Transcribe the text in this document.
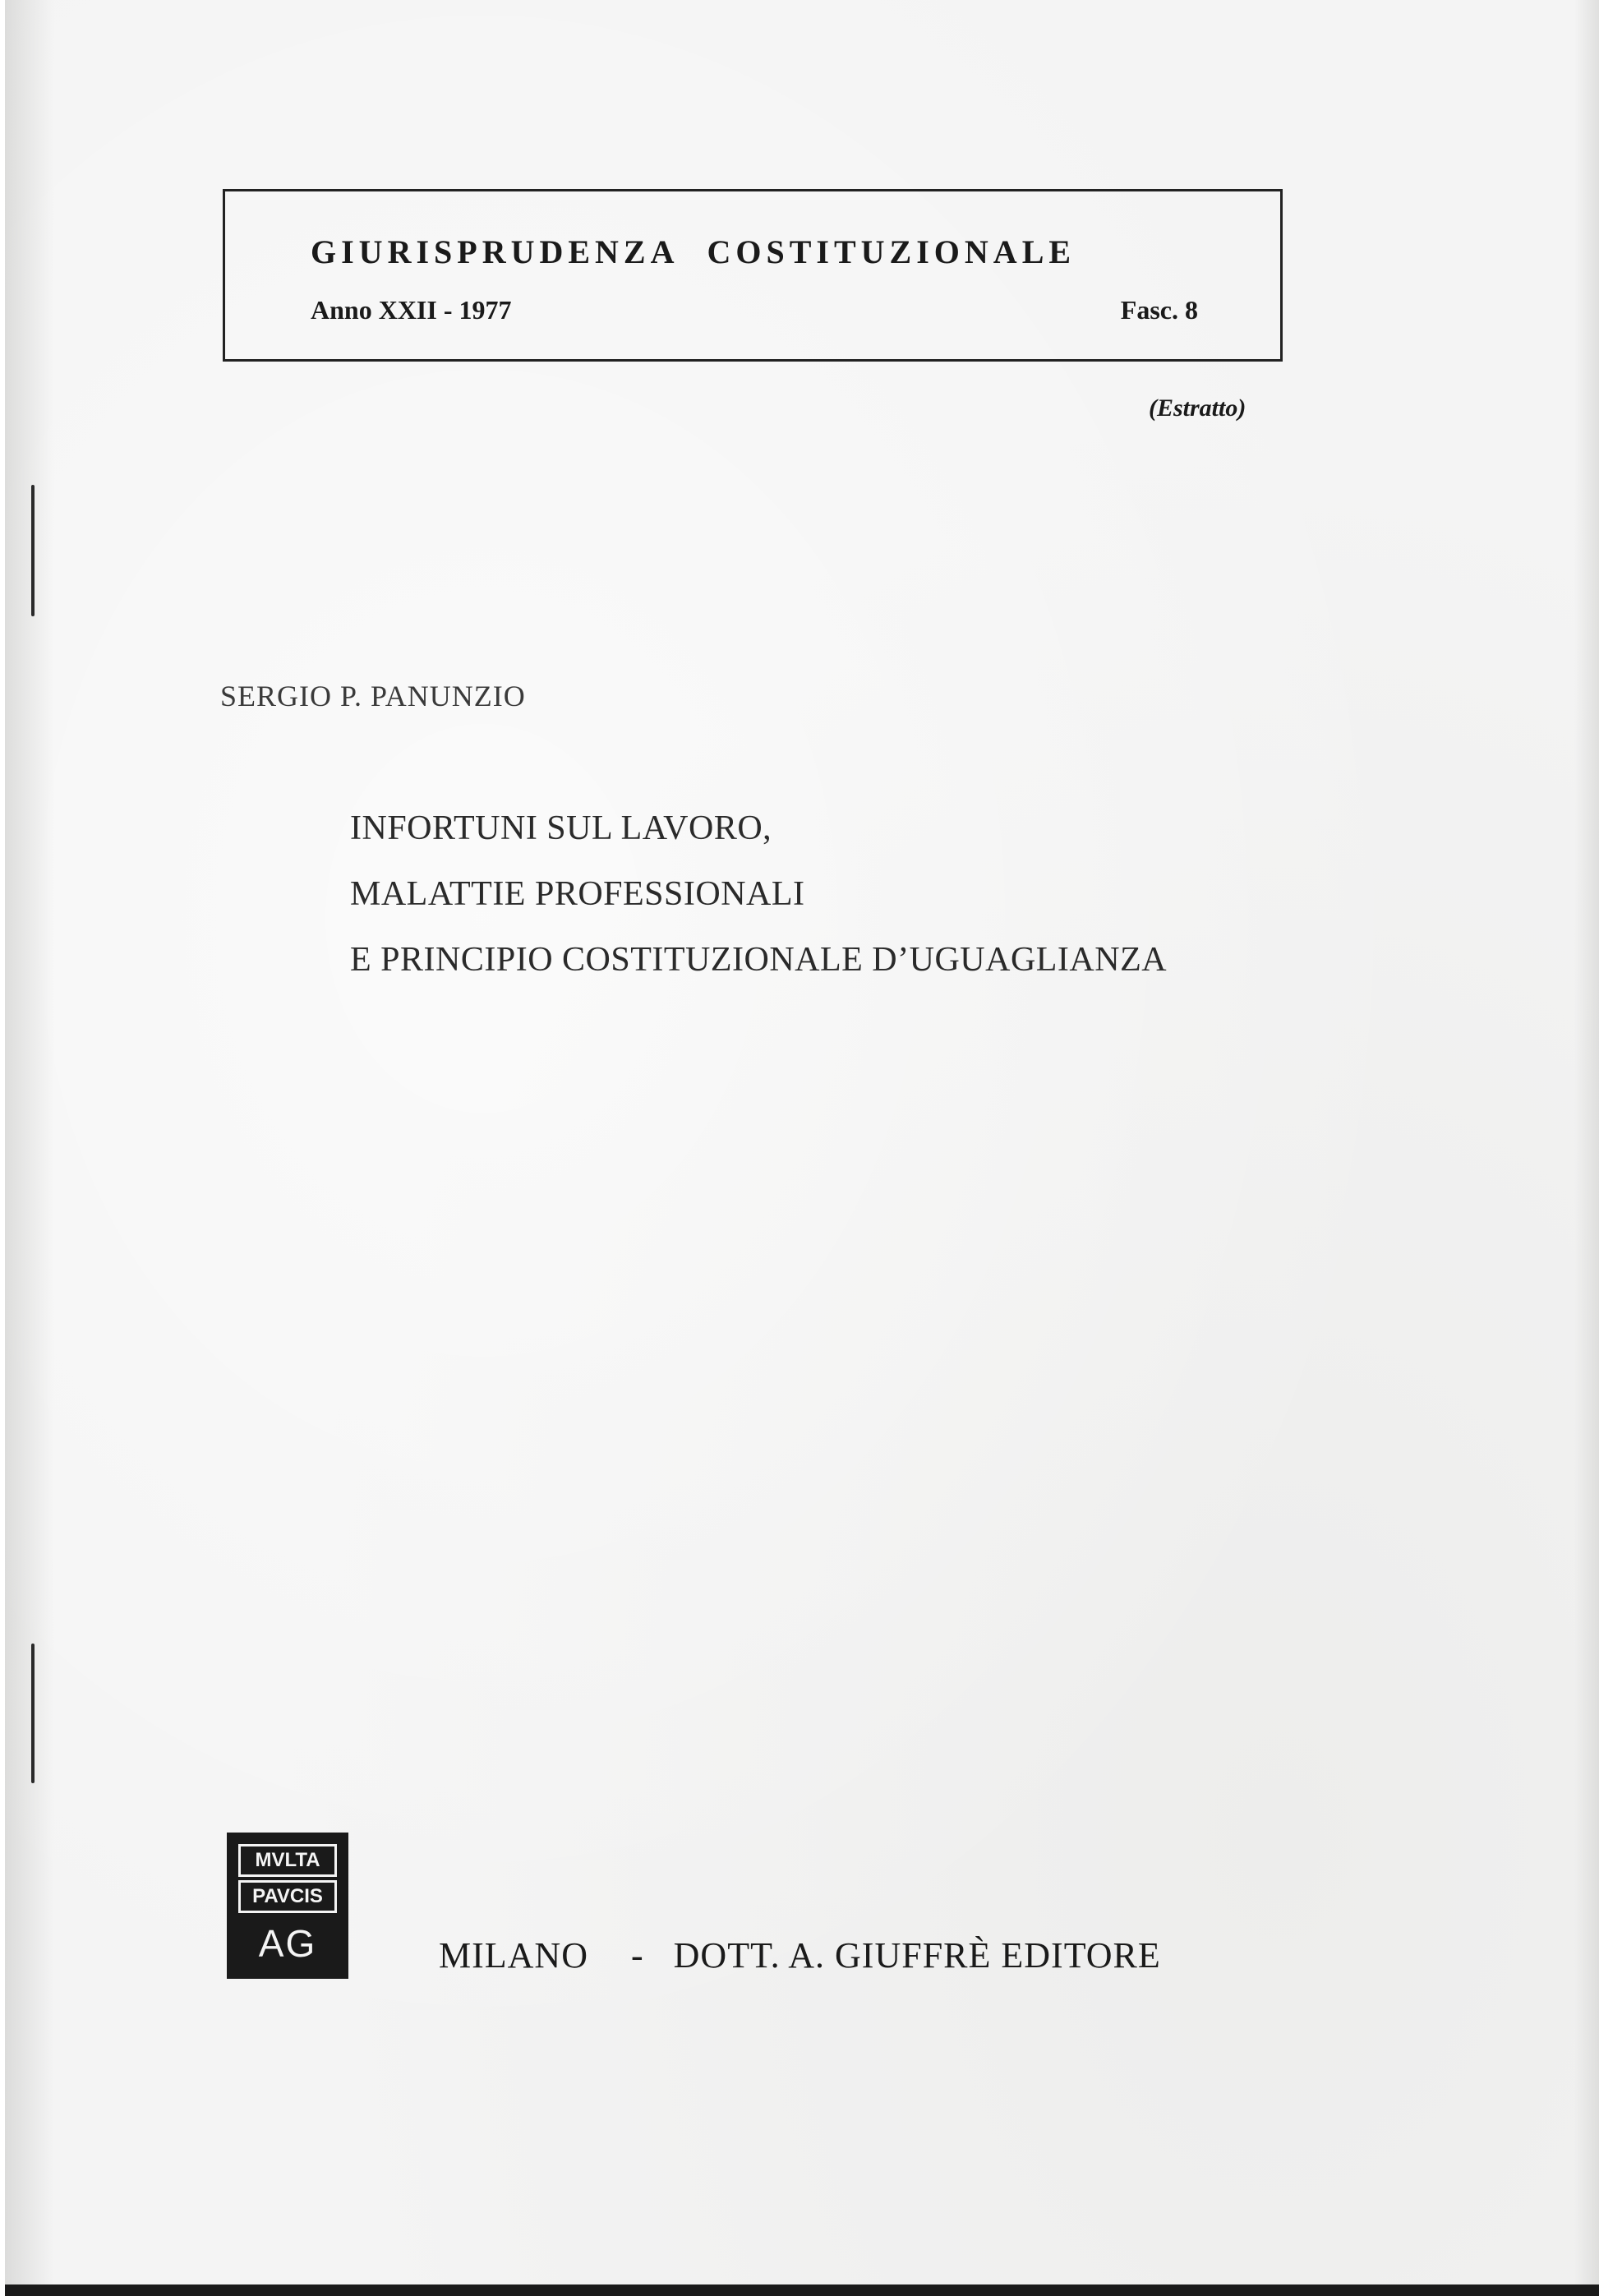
GIURISPRUDENZA COSTITUZIONALE
Anno XXII - 1977	Fasc. 8
(Estratto)
SERGIO P. PANUNZIO
INFORTUNI SUL LAVORO,
MALATTIE PROFESSIONALI
E PRINCIPIO COSTITUZIONALE D’UGUAGLIANZA
MVLTA
PAVCIS
AG	MILANO - DOTT. A. GIUFFRÈ EDITORE
